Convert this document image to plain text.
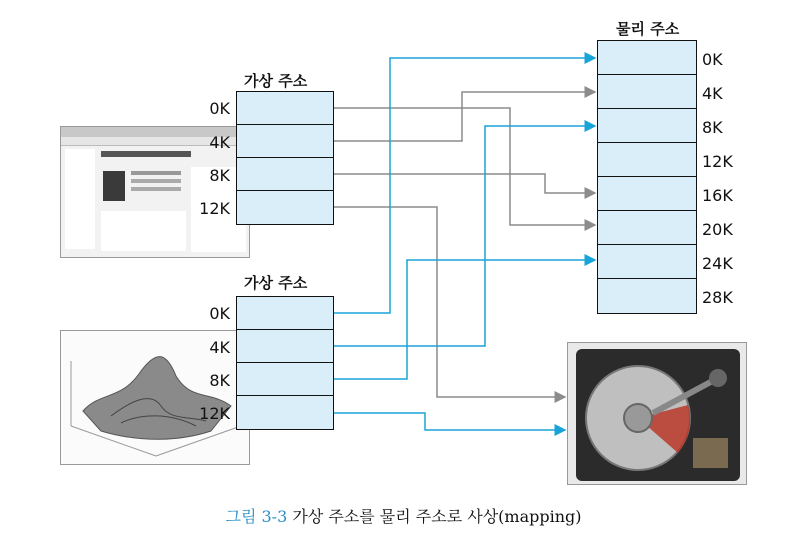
가상 주소
가상 주소
물리 주소
0K
4K
8K
12K
0K
4K
8K
12K
0K
4K
8K
12K
16K
20K
24K
28K
그림 3-3 가상 주소를 물리 주소로 사상(mapping)
